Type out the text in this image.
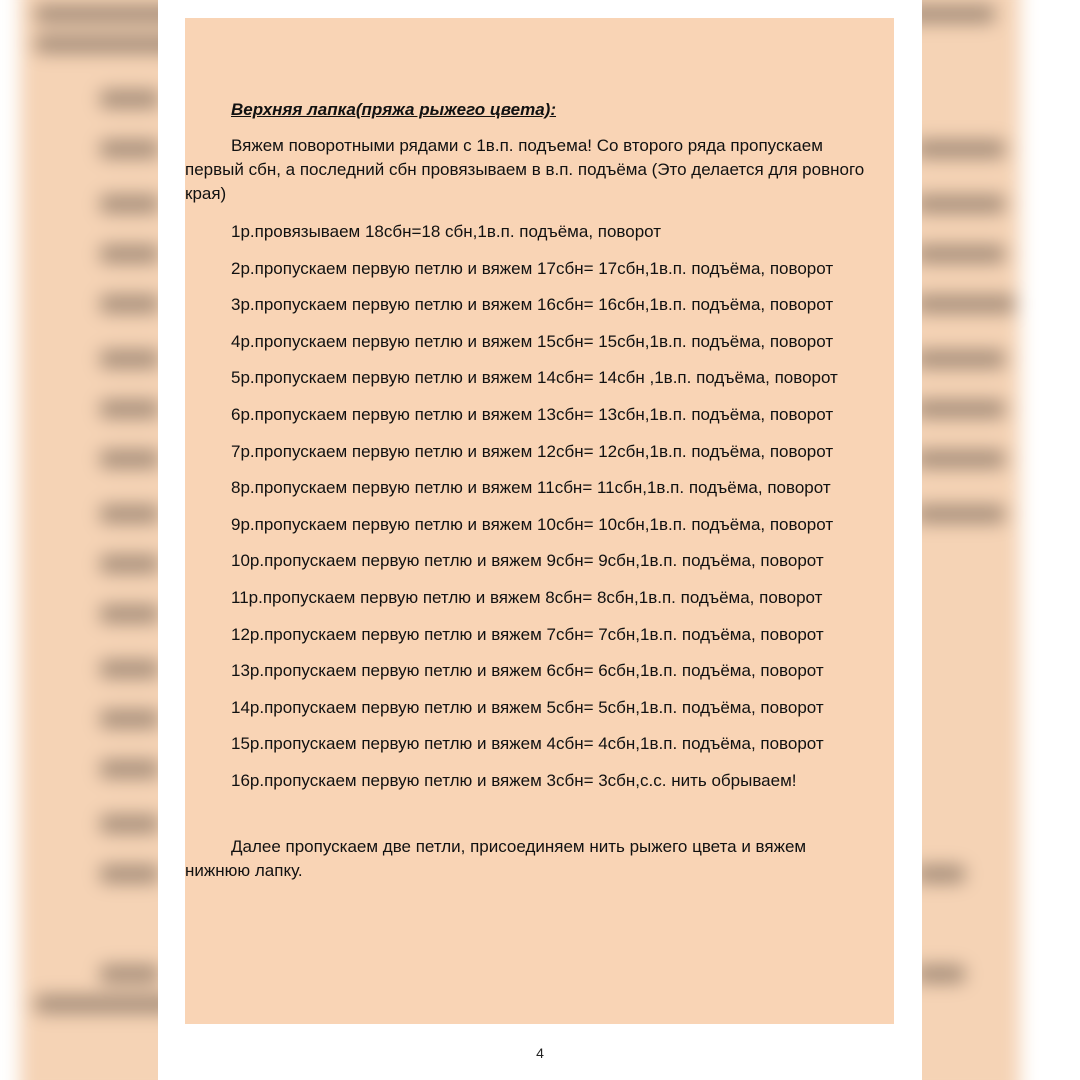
Верхняя лапка(пряжа рыжего цвета):

Вяжем поворотными рядами с 1в.п. подъема! Со второго ряда пропускаем первый сбн, а последний сбн провязываем в в.п. подъёма (Это делается для ровного края)

1р.провязываем 18сбн=18 сбн,1в.п. подъёма, поворот
2р.пропускаем первую петлю и вяжем 17сбн= 17сбн,1в.п. подъёма, поворот
3р.пропускаем первую петлю и вяжем 16сбн= 16сбн,1в.п. подъёма, поворот
4р.пропускаем первую петлю и вяжем 15сбн= 15сбн,1в.п. подъёма, поворот
5р.пропускаем первую петлю и вяжем 14сбн= 14сбн ,1в.п. подъёма, поворот
6р.пропускаем первую петлю и вяжем 13сбн= 13сбн,1в.п. подъёма, поворот
7р.пропускаем первую петлю и вяжем 12сбн= 12сбн,1в.п. подъёма, поворот
8р.пропускаем первую петлю и вяжем 11сбн= 11сбн,1в.п. подъёма, поворот
9р.пропускаем первую петлю и вяжем 10сбн= 10сбн,1в.п. подъёма, поворот
10р.пропускаем первую петлю и вяжем 9сбн= 9сбн,1в.п. подъёма, поворот
11р.пропускаем первую петлю и вяжем 8сбн= 8сбн,1в.п. подъёма, поворот
12р.пропускаем первую петлю и вяжем 7сбн= 7сбн,1в.п. подъёма, поворот
13р.пропускаем первую петлю и вяжем 6сбн= 6сбн,1в.п. подъёма, поворот
14р.пропускаем первую петлю и вяжем 5сбн= 5сбн,1в.п. подъёма, поворот
15р.пропускаем первую петлю и вяжем 4сбн= 4сбн,1в.п. подъёма, поворот
16р.пропускаем первую петлю и вяжем 3сбн= 3сбн,с.с. нить обрываем!

Далее пропускаем две петли, присоединяем нить рыжего цвета и вяжем нижнюю лапку.

4
